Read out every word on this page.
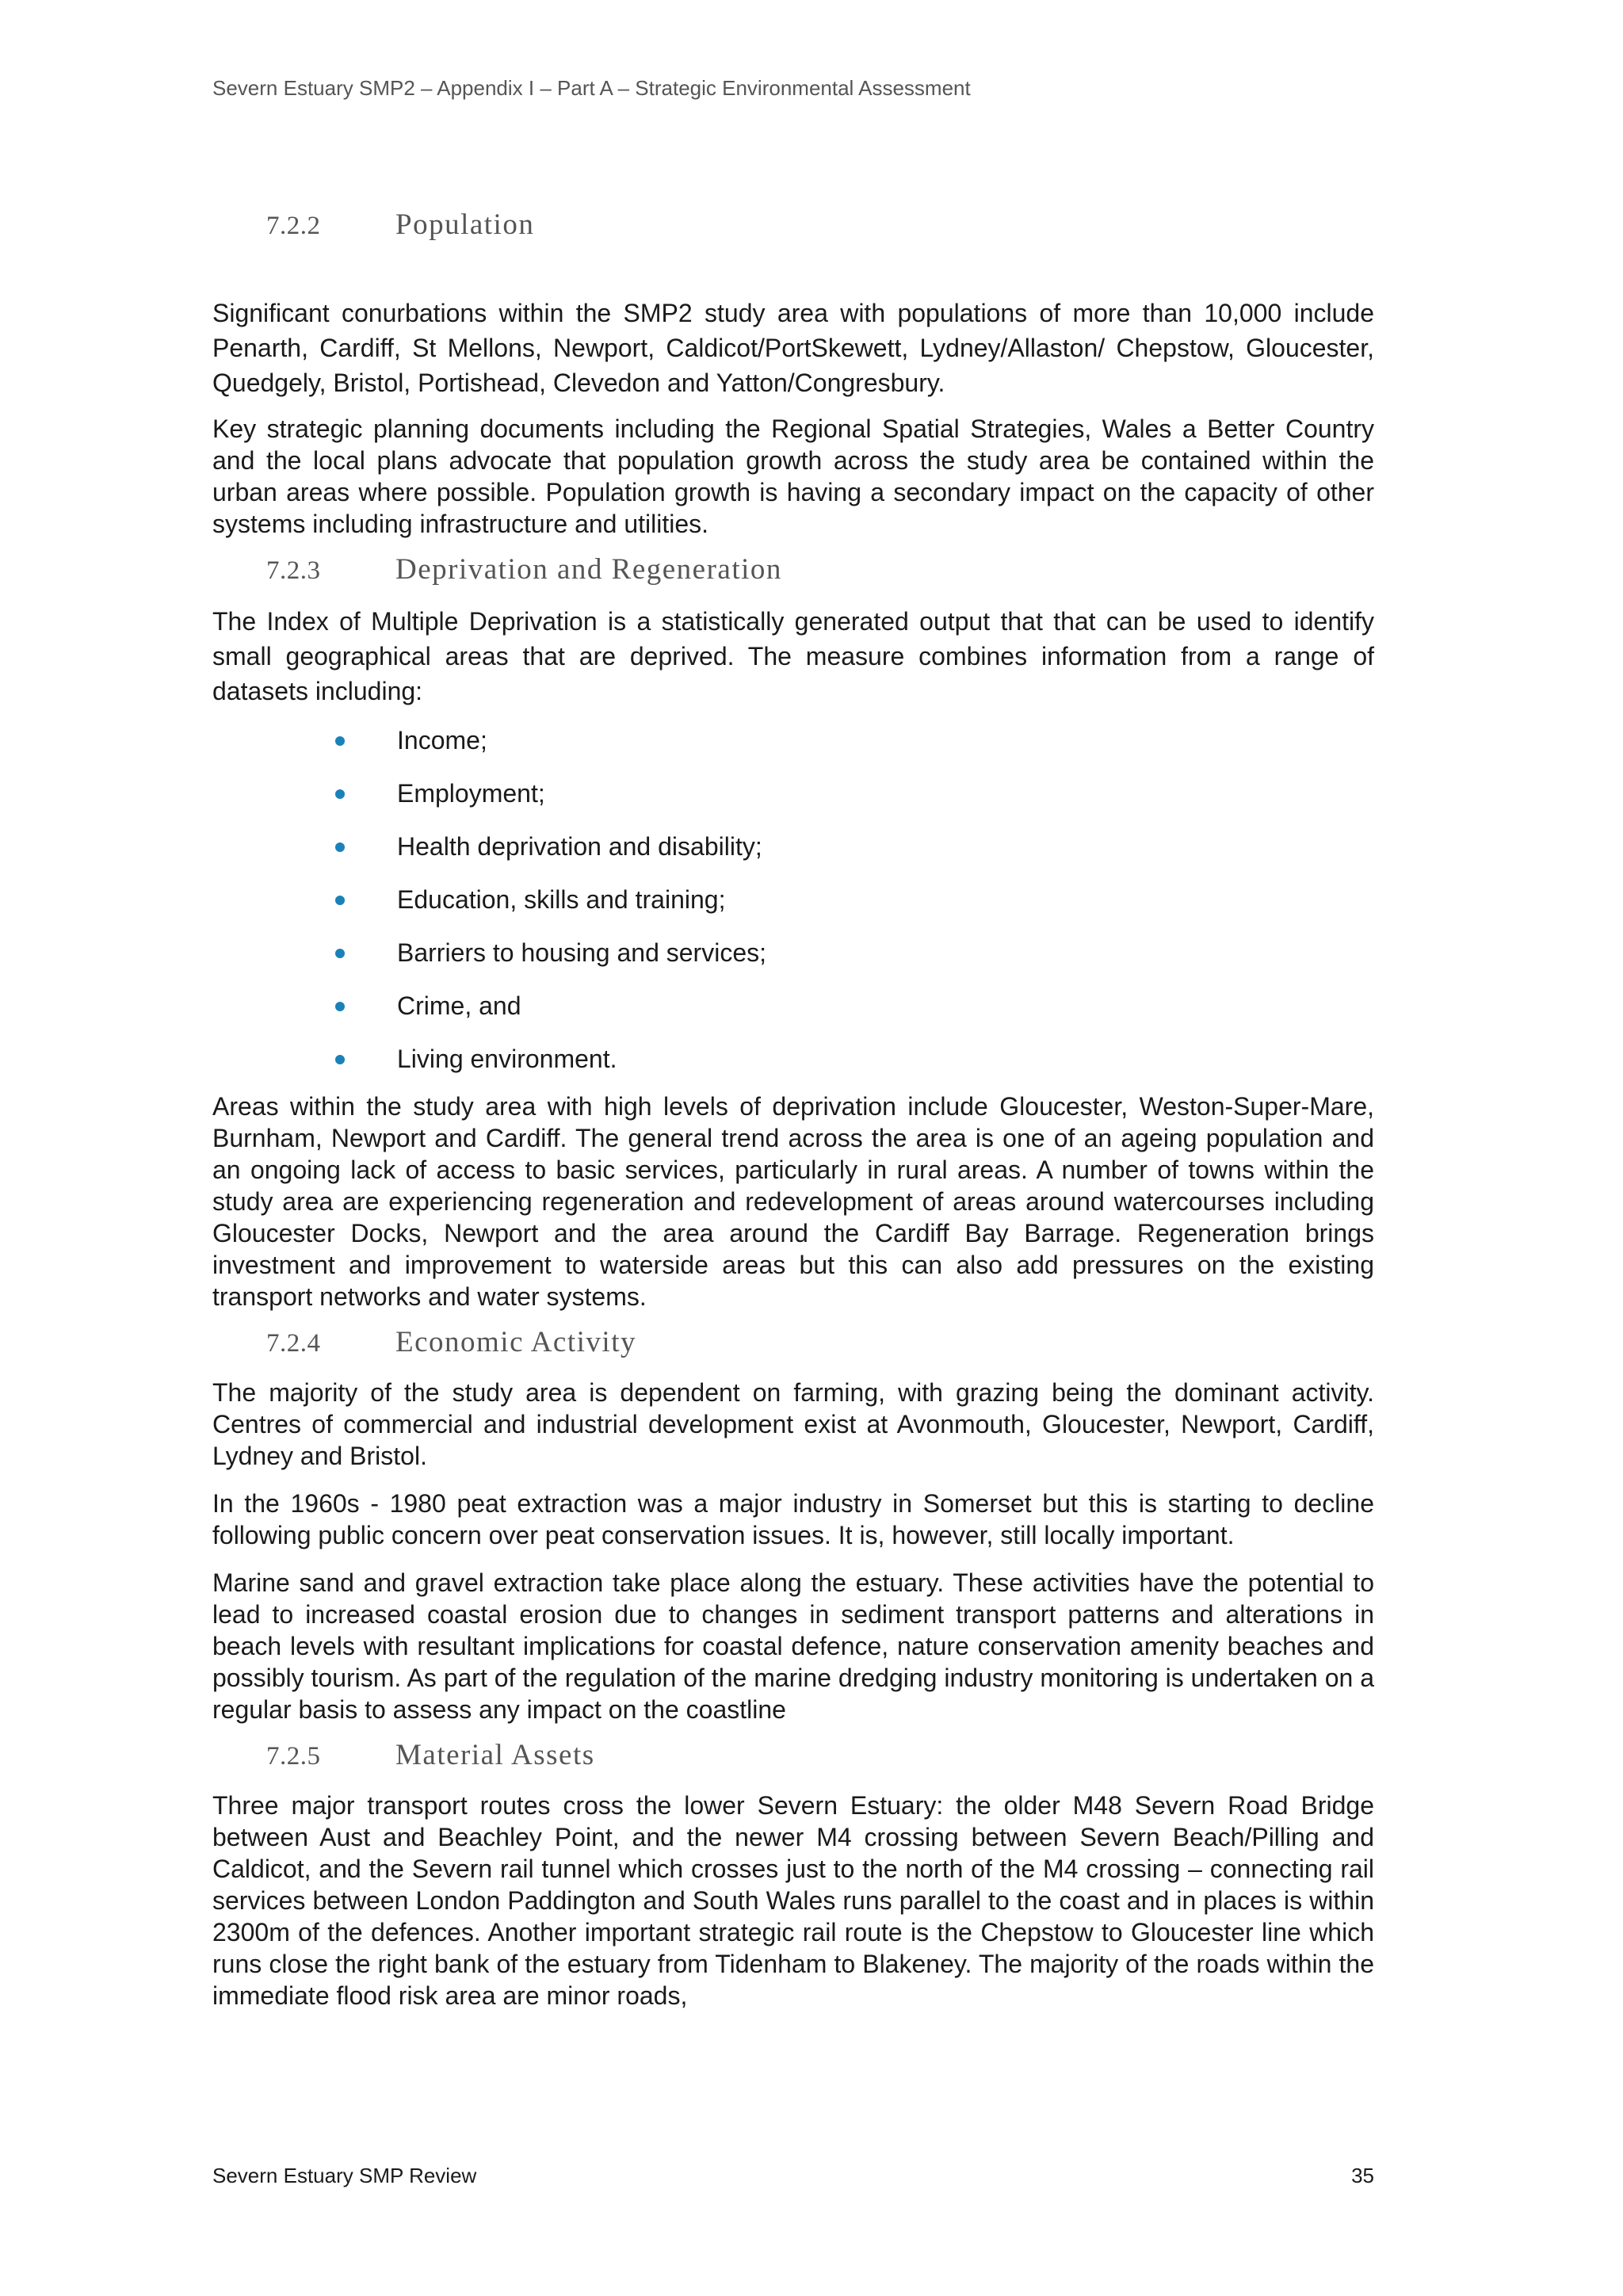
Severn Estuary SMP2 – Appendix I – Part A – Strategic Environmental Assessment
7.2.2	Population

Significant conurbations within the SMP2 study area with populations of more than 10,000 include Penarth, Cardiff, St Mellons, Newport, Caldicot/PortSkewett, Lydney/Allaston/ Chepstow, Gloucester, Quedgely, Bristol, Portishead, Clevedon and Yatton/Congresbury.

Key strategic planning documents including the Regional Spatial Strategies, Wales a Better Country and the local plans advocate that population growth across the study area be contained within the urban areas where possible. Population growth is having a secondary impact on the capacity of other systems including infrastructure and utilities.

7.2.3	Deprivation and Regeneration

The Index of Multiple Deprivation is a statistically generated output that that can be used to identify small geographical areas that are deprived. The measure combines information from a range of datasets including:

Income;
Employment;
Health deprivation and disability;
Education, skills and training;
Barriers to housing and services;
Crime, and
Living environment.

Areas within the study area with high levels of deprivation include Gloucester, Weston-Super-Mare, Burnham, Newport and Cardiff. The general trend across the area is one of an ageing population and an ongoing lack of access to basic services, particularly in rural areas. A number of towns within the study area are experiencing regeneration and redevelopment of areas around watercourses including Gloucester Docks, Newport and the area around the Cardiff Bay Barrage. Regeneration brings investment and improvement to waterside areas but this can also add pressures on the existing transport networks and water systems.

7.2.4	Economic Activity

The majority of the study area is dependent on farming, with grazing being the dominant activity. Centres of commercial and industrial development exist at Avonmouth, Gloucester, Newport, Cardiff, Lydney and Bristol.

In the 1960s - 1980 peat extraction was a major industry in Somerset but this is starting to decline following public concern over peat conservation issues. It is, however, still locally important.

Marine sand and gravel extraction take place along the estuary. These activities have the potential to lead to increased coastal erosion due to changes in sediment transport patterns and alterations in beach levels with resultant implications for coastal defence, nature conservation amenity beaches and possibly tourism. As part of the regulation of the marine dredging industry monitoring is undertaken on a regular basis to assess any impact on the coastline

7.2.5	Material Assets

Three major transport routes cross the lower Severn Estuary: the older M48 Severn Road Bridge between Aust and Beachley Point, and the newer M4 crossing between Severn Beach/Pilling and Caldicot, and the Severn rail tunnel which crosses just to the north of the M4 crossing – connecting rail services between London Paddington and South Wales runs parallel to the coast and in places is within 2300m of the defences. Another important strategic rail route is the Chepstow to Gloucester line which runs close the right bank of the estuary from Tidenham to Blakeney. The majority of the roads within the immediate flood risk area are minor roads,

Severn Estuary SMP Review	35
